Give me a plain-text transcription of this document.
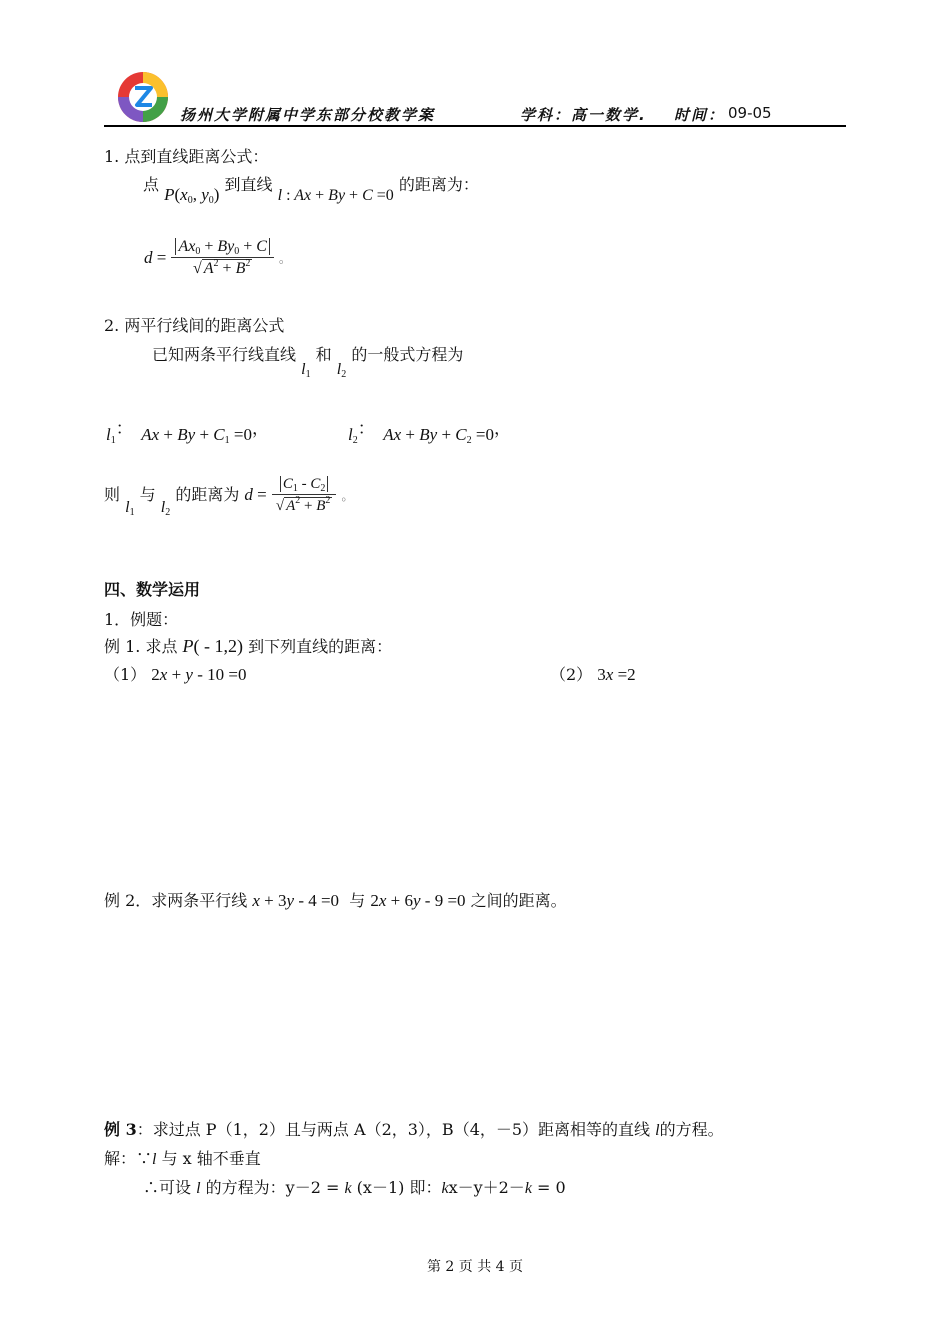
扬州大学附属中学东部分校教学案	学科：高一数学. 时间： 09-05
1. 点到直线距离公式：
点 $P(x_0$, $y_0$) 到直线 l : Ax + By + C =0 的距离为：
$d = \frac{Ax_0 + By_0 + C}{√ A^2 + B^2}$ 。
2. 两平行线间的距离公式
已知两条平行线直线 $l_1$ 和 $l_2$ 的一般式方程为
$l_1$：  $Ax + By + C_1 =0$，	$l_2$：  $Ax + By + C_2 =0$，
则 $l_1$ 与 $l_2$ 的距离为 $d = \frac{C_1 - C_2}{√ A^2 + B^2}$ 。
四、数学运用
1．例题：
例 1. 求点 P( - 1,2) 到下列直线的距离：
（1） 2x + y - 10 =0	（2） 3x =2
例 2．求两条平行线 x + 3y - 4 =0 与 2x + 6y - 9 =0 之间的距离。
例 3：求过点 P（1，2）且与两点 A（2，3），B（4，－5）距离相等的直线 l的方程。
解：∵l 与 x 轴不垂直
∴可设 l 的方程为：y－2 = k (x－1) 即：kx－y＋2－k = 0
第 2 页 共 4 页
